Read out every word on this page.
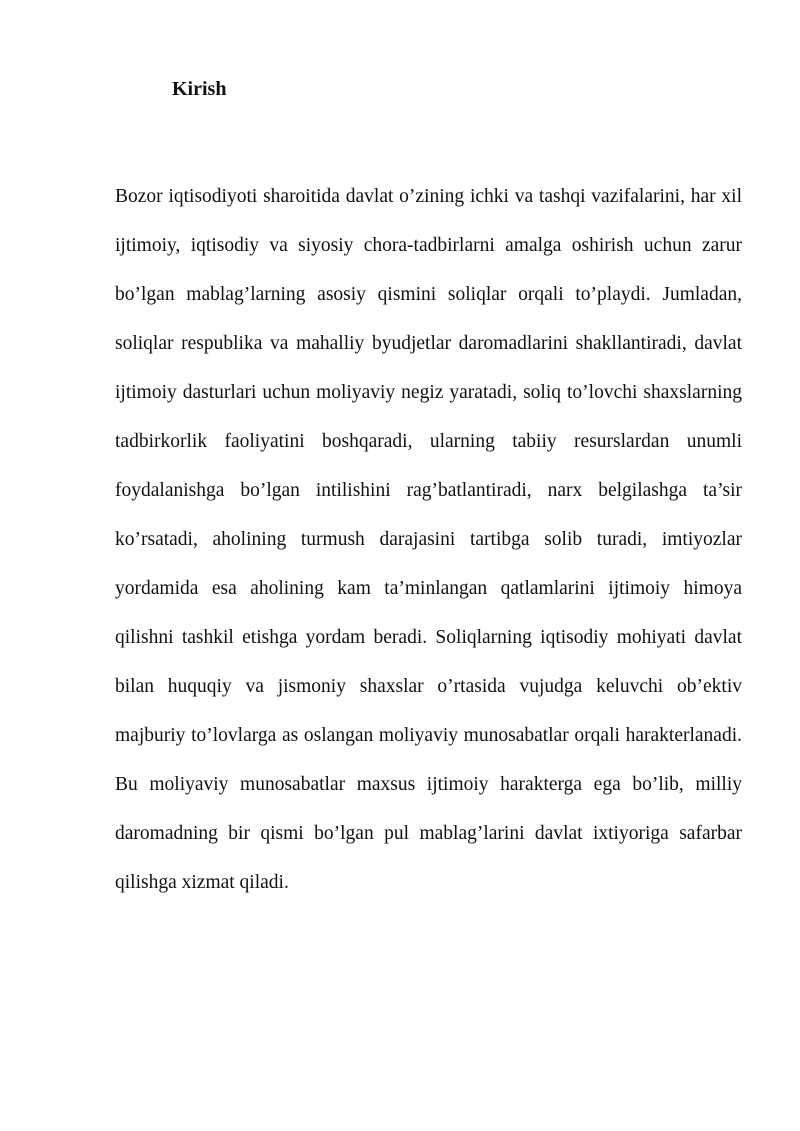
Kirish

Bozor iqtisodiyoti sharoitida davlat o’zining ichki va tashqi vazifalarini, har xil ijtimoiy, iqtisodiy va siyosiy chora-tadbirlarni amalga oshirish uchun zarur bo’lgan mablag’larning asosiy qismini soliqlar orqali to’playdi. Jumladan, soliqlar respublika va mahalliy byudjetlar daromadlarini shakllantiradi, davlat ijtimoiy dasturlari uchun moliyaviy negiz yaratadi, soliq to’lovchi shaxslarning tadbirkorlik faoliyatini boshqaradi, ularning tabiiy resurslardan unumli foydalanishga bo’lgan intilishini rag’batlantiradi, narx belgilashga ta’sir ko’rsatadi, aholining turmush darajasini tartibga solib turadi, imtiyozlar yordamida esa aholining kam ta’minlangan qatlamlarini ijtimoiy himoya qilishni tashkil etishga yordam beradi. Soliqlarning iqtisodiy mohiyati davlat bilan huquqiy va jismoniy shaxslar o’rtasida vujudga keluvchi ob’ektiv majburiy to’lovlarga as oslangan moliyaviy munosabatlar orqali harakterlanadi. Bu moliyaviy munosabatlar maxsus ijtimoiy harakterga ega bo’lib, milliy daromadning bir qismi bo’lgan pul mablag’larini davlat ixtiyoriga safarbar qilishga xizmat qiladi.
